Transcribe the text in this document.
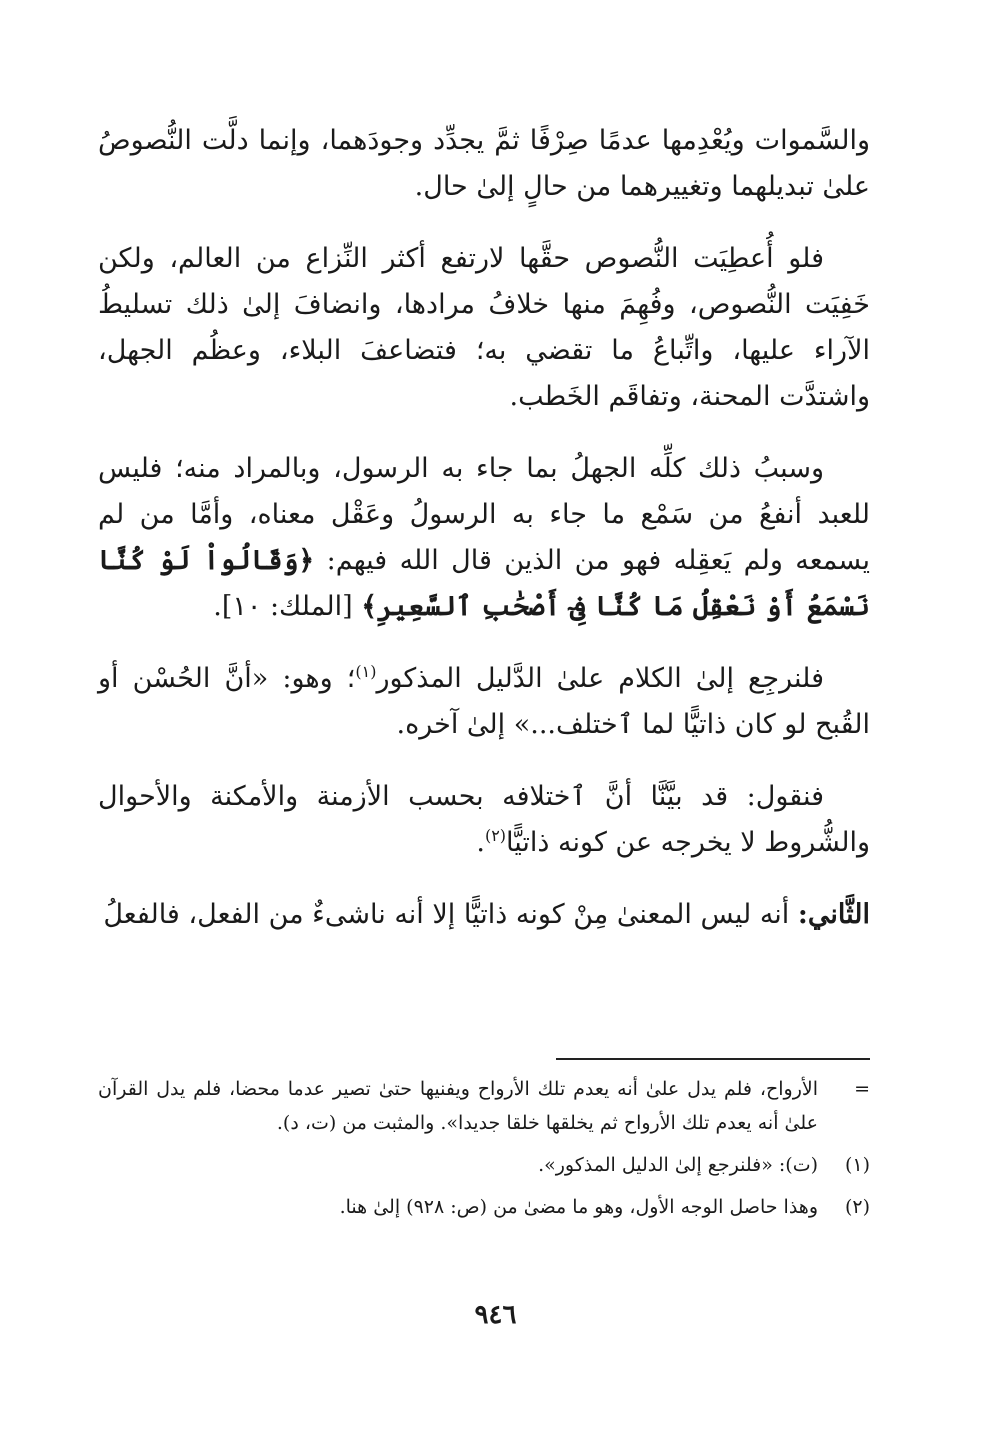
والسَّموات ويُعْدِمها عدمًا صِرْفًا ثمَّ يجدِّد وجودَهما، وإنما دلَّت النُّصوصُ علىٰ تبديلهما وتغييرهما من حالٍ إلىٰ حال.

فلو أُعطِيَت النُّصوص حقَّها لارتفع أكثر النِّزاع من العالم، ولكن خَفِيَت النُّصوص، وفُهِمَ منها خلافُ مرادها، وانضافَ إلىٰ ذلك تسليطُ الآراء عليها، واتِّباعُ ما تقضي به؛ فتضاعفَ البلاء، وعظُم الجهل، واشتدَّت المحنة، وتفاقَم الخَطب.

وسببُ ذلك كلِّه الجهلُ بما جاء به الرسول، وبالمراد منه؛ فليس للعبد أنفعُ من سَمْع ما جاء به الرسولُ وعَقْل معناه، وأمَّا من لم يسمعه ولم يَعقِله فهو من الذين قال الله فيهم: ﴿وَقَالُواْ لَوْ كُنَّا نَسْمَعُ أَوْ نَعْقِلُ مَا كُنَّا فِىٓ أَصْحَٰبِ ٱلسَّعِيرِ﴾ [الملك: ١٠].

فلنرجِع إلىٰ الكلام علىٰ الدَّليل المذكور$^{(١)}$؛ وهو: «أنَّ الحُسْن أو القُبح لو كان ذاتيًّا لما ٱختلف...» إلىٰ آخره.

فنقول: قد بيَّنَّا أنَّ ٱختلافه بحسب الأزمنة والأمكنة والأحوال والشُّروط لا يخرجه عن كونه ذاتيًّا$^{(٢)}$.

الثَّاني: أنه ليس المعنىٰ مِنْ كونه ذاتيًّا إلا أنه ناشىءٌ من الفعل، فالفعلُ

=
الأرواح، فلم يدل علىٰ أنه يعدم تلك الأرواح ويفنيها حتىٰ تصير عدما محضا، فلم يدل القرآن علىٰ أنه يعدم تلك الأرواح ثم يخلقها خلقا جديدا». والمثبت من (ت، د).
(١)
(ت): «فلنرجع إلىٰ الدليل المذكور».
(٢)
وهذا حاصل الوجه الأول، وهو ما مضىٰ من (ص: ٩٢٨) إلىٰ هنا.
٩٤٦
